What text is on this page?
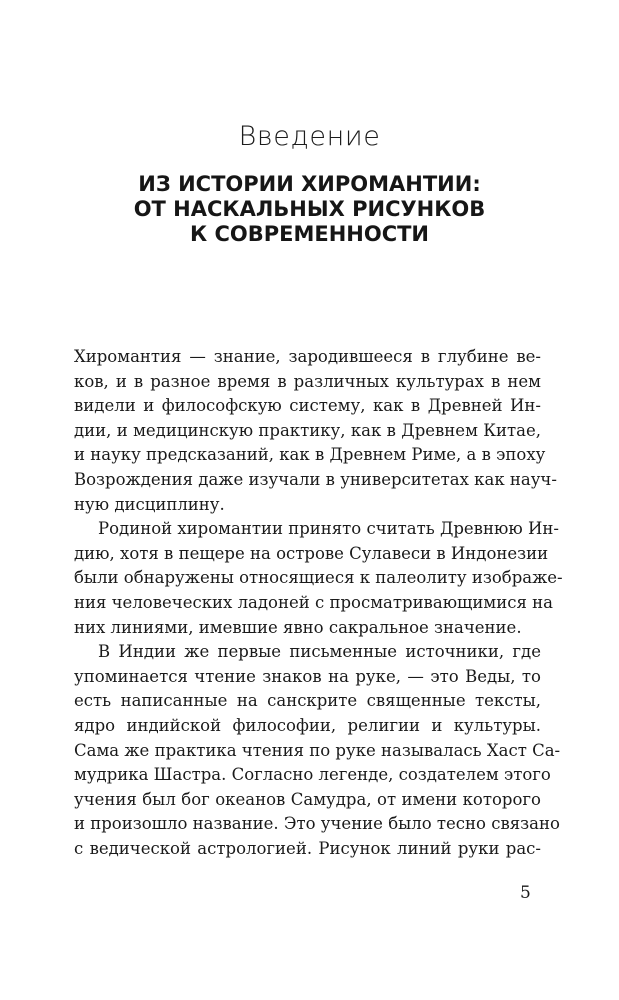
Введение
ИЗ ИСТОРИИ ХИРОМАНТИИ:
ОТ НАСКАЛЬНЫХ РИСУНКОВ
К СОВРЕМЕННОСТИ
Хиромантия — знание, зародившееся в глубине ве-
ков, и в разное время в различных культурах в нем
видели и философскую систему, как в Древней Ин-
дии, и медицинскую практику, как в Древнем Китае,
и науку предсказаний, как в Древнем Риме, а в эпоху
Возрождения даже изучали в университетах как науч-
ную дисциплину.
Родиной хиромантии принято считать Древнюю Ин-
дию, хотя в пещере на острове Сулавеси в Индонезии
были обнаружены относящиеся к палеолиту изображе-
ния человеческих ладоней с просматривающимися на
них линиями, имевшие явно сакральное значение.
В Индии же первые письменные источники, где
упоминается чтение знаков на руке, — это Веды, то
есть написанные на санскрите священные тексты,
ядро индийской философии, религии и культуры.
Сама же практика чтения по руке называлась Хаст Са-
мудрика Шастра. Согласно легенде, создателем этого
учения был бог океанов Самудра, от имени которого
и произошло название. Это учение было тесно связано
с ведической астрологией. Рисунок линий руки рас-
5
